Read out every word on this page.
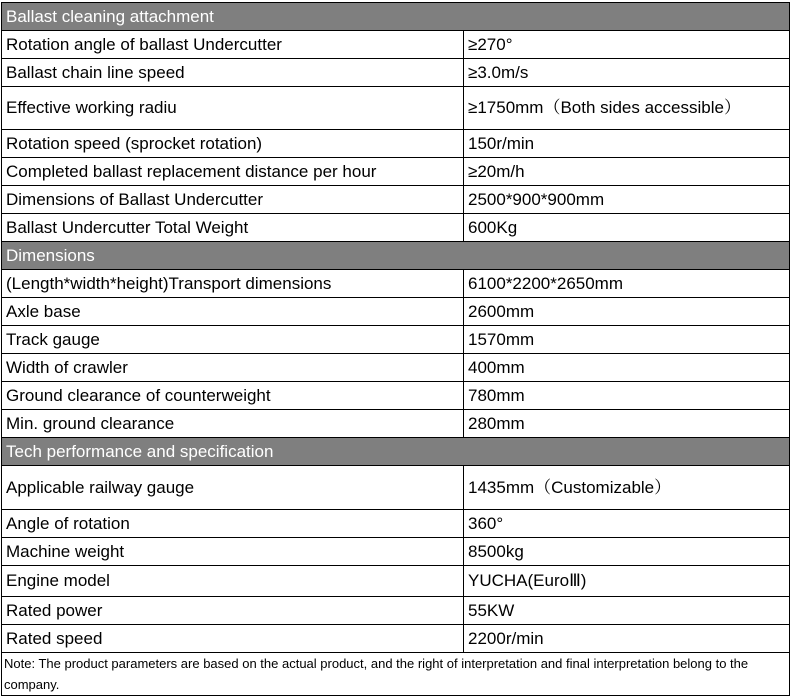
Ballast cleaning attachment	
Rotation angle of ballast Undercutter	≥270°
Ballast chain line speed	≥3.0m/s
Effective working radiu	≥1750mm（Both sides accessible）
Rotation speed (sprocket rotation)	150r/min
Completed ballast replacement distance per hour	≥20m/h
Dimensions of Ballast Undercutter	2500*900*900mm
Ballast Undercutter Total Weight	600Kg
Dimensions	
(Length*width*height)Transport dimensions	6100*2200*2650mm
Axle base	2600mm
Track gauge	1570mm
Width of crawler	400mm
Ground clearance of counterweight	780mm
Min. ground clearance	280mm
Tech performance and specification	
Applicable railway gauge	1435mm（Customizable）
Angle of rotation	360°
Machine weight	8500kg
Engine model	YUCHA(EuroⅢ)
Rated power	55KW
Rated speed	2200r/min
Note: The product parameters are based on the actual product, and the right of interpretation and final interpretation belong to the company.	
